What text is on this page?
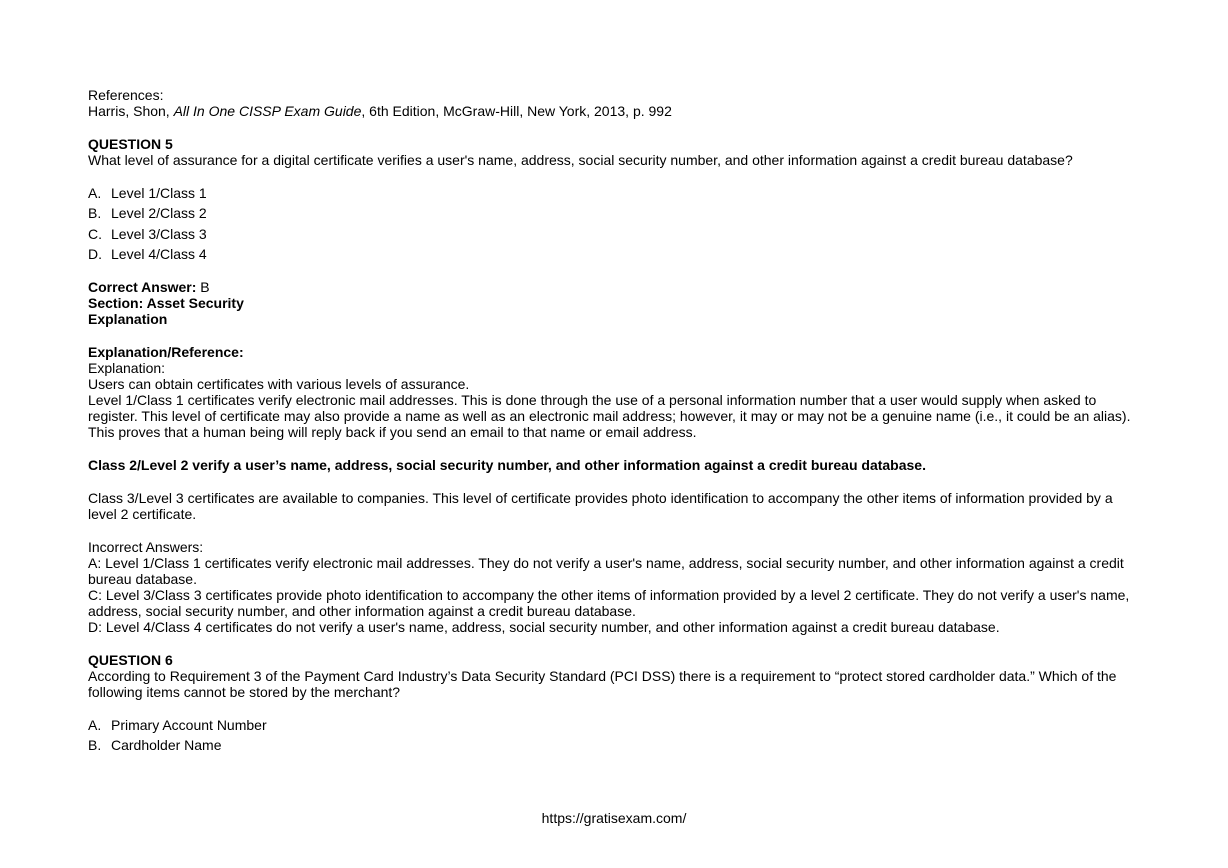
References:
Harris, Shon, All In One CISSP Exam Guide, 6th Edition, McGraw-Hill, New York, 2013, p. 992
QUESTION 5
What level of assurance for a digital certificate verifies a user's name, address, social security number, and other information against a credit bureau database?
A. Level 1/Class 1
B. Level 2/Class 2
C. Level 3/Class 3
D. Level 4/Class 4
Correct Answer: B
Section: Asset Security
Explanation
Explanation/Reference:
Explanation:
Users can obtain certificates with various levels of assurance.
Level 1/Class 1 certificates verify electronic mail addresses. This is done through the use of a personal information number that a user would supply when asked to register. This level of certificate may also provide a name as well as an electronic mail address; however, it may or may not be a genuine name (i.e., it could be an alias). This proves that a human being will reply back if you send an email to that name or email address.
Class 2/Level 2 verify a user’s name, address, social security number, and other information against a credit bureau database.
Class 3/Level 3 certificates are available to companies. This level of certificate provides photo identification to accompany the other items of information provided by a level 2 certificate.
Incorrect Answers:
A: Level 1/Class 1 certificates verify electronic mail addresses. They do not verify a user's name, address, social security number, and other information against a credit bureau database.
C: Level 3/Class 3 certificates provide photo identification to accompany the other items of information provided by a level 2 certificate. They do not verify a user's name, address, social security number, and other information against a credit bureau database.
D: Level 4/Class 4 certificates do not verify a user's name, address, social security number, and other information against a credit bureau database.
QUESTION 6
According to Requirement 3 of the Payment Card Industry’s Data Security Standard (PCI DSS) there is a requirement to “protect stored cardholder data.” Which of the following items cannot be stored by the merchant?
A. Primary Account Number
B. Cardholder Name
https://gratisexam.com/
